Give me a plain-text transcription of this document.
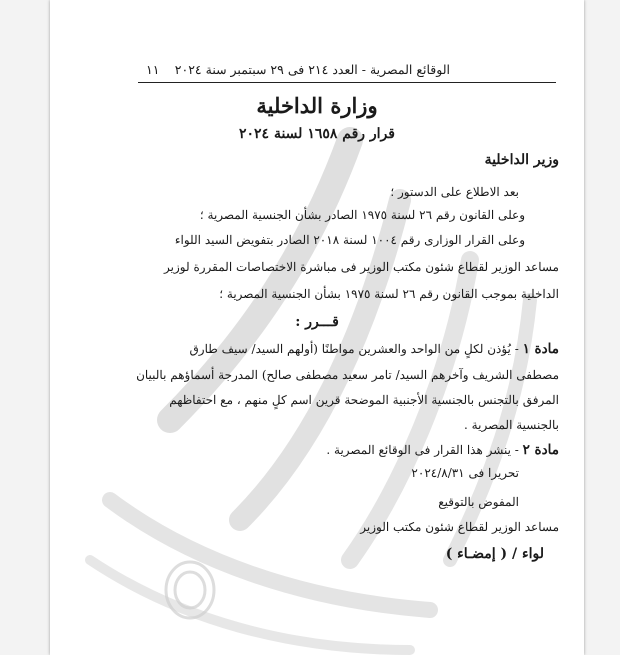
الوقائع المصرية - العدد ٢١٤ فى ٢٩ سبتمبر سنة ٢٠٢٤
١١
وزارة الداخلية
قرار رقم ١٦٥٨ لسنة ٢٠٢٤
وزير الداخلية
بعد الاطلاع على الدستور ؛
وعلى القانون رقم ٢٦ لسنة ١٩٧٥ الصادر بشأن الجنسية المصرية ؛
وعلى القرار الوزارى رقم ١٠٠٤ لسنة ٢٠١٨ الصادر بتفويض السيد اللواء
مساعد الوزير لقطاع شئون مكتب الوزير فى مباشرة الاختصاصات المقررة لوزير
الداخلية بموجب القانون رقم ٢٦ لسنة ١٩٧٥ بشأن الجنسية المصرية ؛
قـــرر :
مادة ١ - يُؤذن لكلٍ من الواحد والعشرين مواطنًا (أولهم السيد/ سيف طارق
مصطفى الشريف وآخرهم السيد/ تامر سعيد مصطفى صالح) المدرجة أسماؤهم بالبيان
المرفق بالتجنس بالجنسية الأجنبية الموضحة قرين اسم كلٍ منهم ، مع احتفاظهم
بالجنسية المصرية .
مادة ٢ - ينشر هذا القرار فى الوقائع المصرية .
تحريرا فى ٢٠٢٤/٨/٣١
المفوض بالتوقيع
مساعد الوزير لقطاع شئون مكتب الوزير
لواء / ( إمضـاء )
